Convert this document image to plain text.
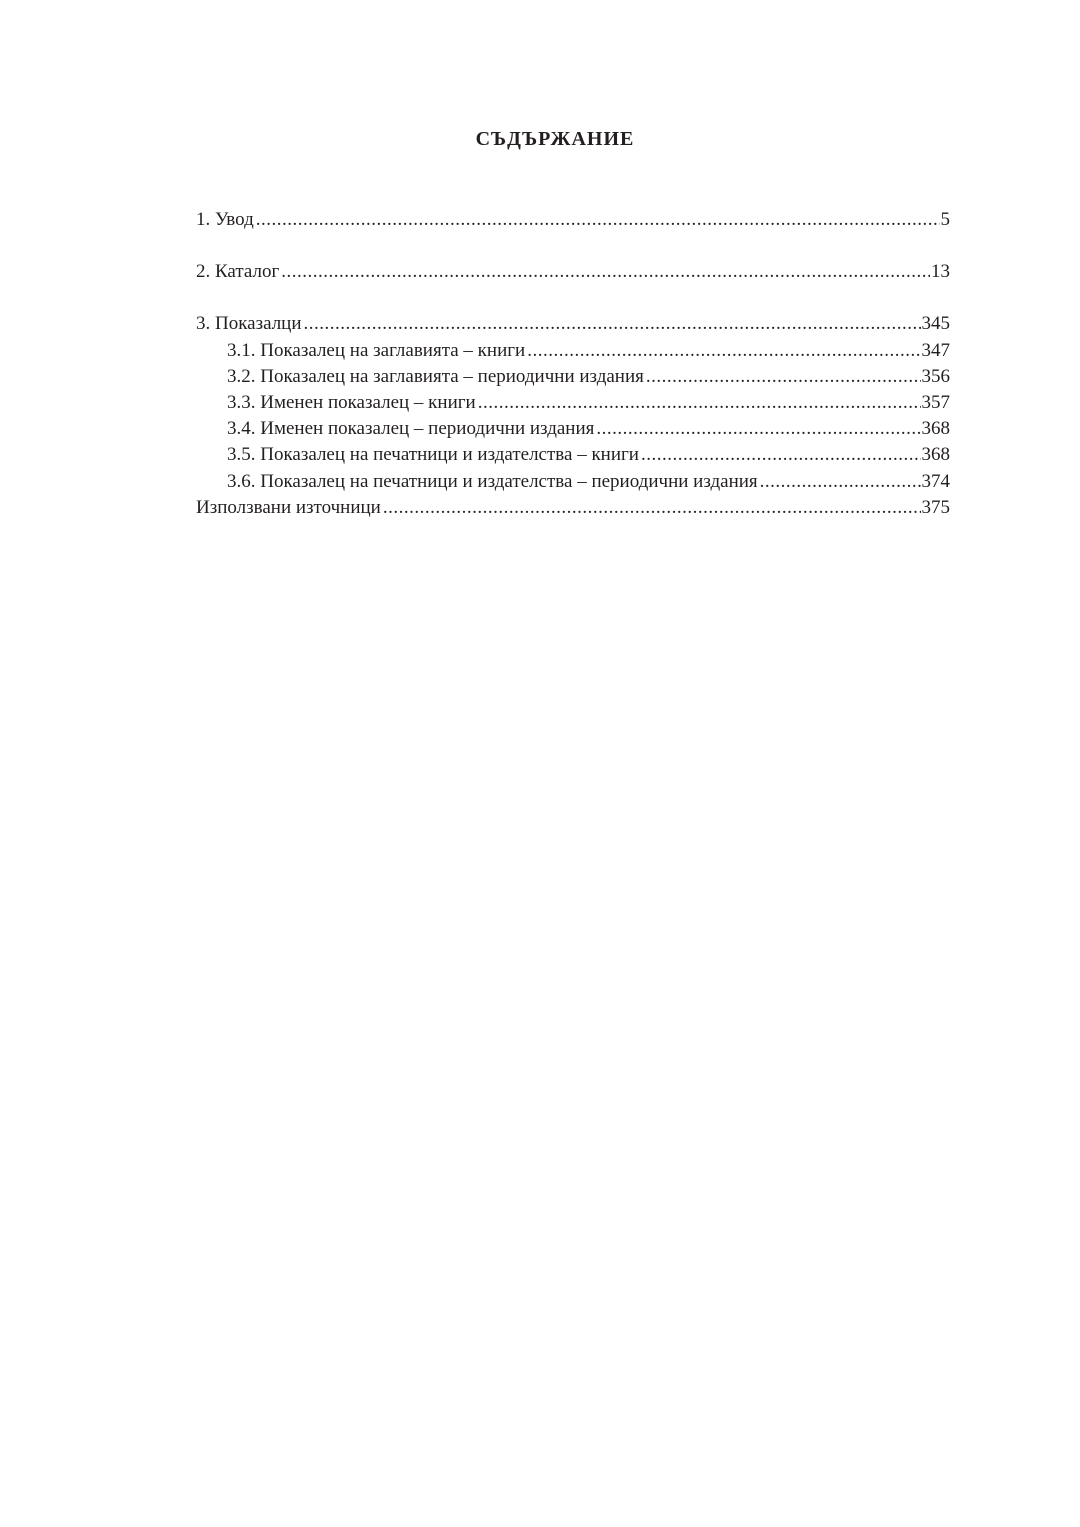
СЪДЪРЖАНИЕ
1. Увод .....	5
2. Каталог .....	13
3. Показалци .....	345
3.1. Показалец на заглавията – книги .....	347
3.2. Показалец на заглавията – периодични издания .....	356
3.3. Именен показалец – книги .....	357
3.4. Именен показалец – периодични издания .....	368
3.5. Показалец на печатници и издателства – книги .....	368
3.6. Показалец на печатници и издателства – периодични издания .....	374
Използвани източници .....	375
